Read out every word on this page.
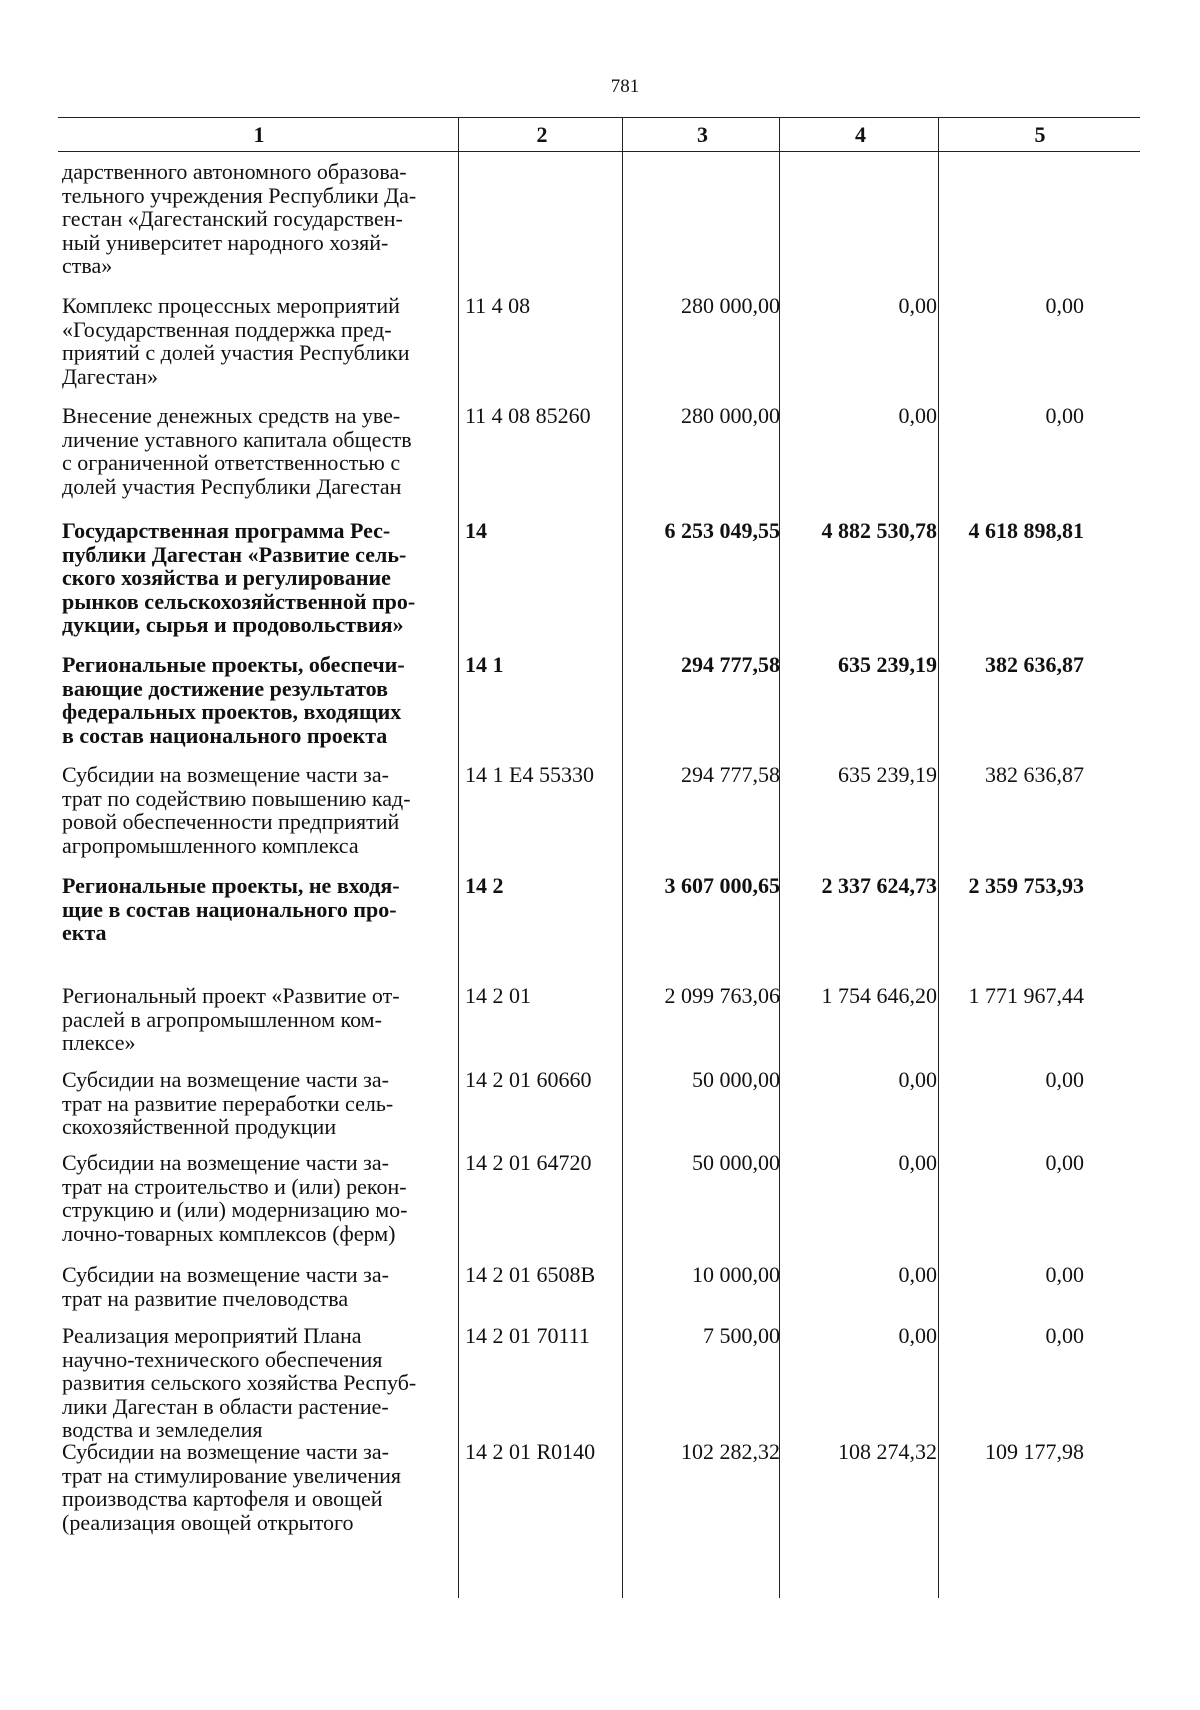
781
1	2	3	4	5
дарственного автономного образова-
тельного учреждения Республики Да-
гестан «Дагестанский государствен-
ный университет народного хозяй-
ства»
Комплекс процессных мероприятий
«Государственная поддержка пред-
приятий с долей участия Республики
Дагестан»
11 4 08	280 000,00	0,00	0,00
Внесение денежных средств на уве-
личение уставного капитала обществ
с ограниченной ответственностью с
долей участия Республики Дагестан
11 4 08 85260	280 000,00	0,00	0,00
Государственная программа Рес-
публики Дагестан «Развитие сель-
ского хозяйства и регулирование
рынков сельскохозяйственной про-
дукции, сырья и продовольствия»
14	6 253 049,55	4 882 530,78	4 618 898,81
Региональные проекты, обеспечи-
вающие достижение результатов
федеральных проектов, входящих
в состав национального проекта
14 1	294 777,58	635 239,19	382 636,87
Субсидии на возмещение части за-
трат по содействию повышению кад-
ровой обеспеченности предприятий
агропромышленного комплекса
14 1 E4 55330	294 777,58	635 239,19	382 636,87
Региональные проекты, не входя-
щие в состав национального про-
екта
14 2	3 607 000,65	2 337 624,73	2 359 753,93
Региональный проект «Развитие от-
раслей в агропромышленном ком-
плексе»
14 2 01	2 099 763,06	1 754 646,20	1 771 967,44
Субсидии на возмещение части за-
трат на развитие переработки сель-
скохозяйственной продукции
14 2 01 60660	50 000,00	0,00	0,00
Субсидии на возмещение части за-
трат на строительство и (или) рекон-
струкцию и (или) модернизацию мо-
лочно-товарных комплексов (ферм)
14 2 01 64720	50 000,00	0,00	0,00
Субсидии на возмещение части за-
трат на развитие пчеловодства
14 2 01 6508В	10 000,00	0,00	0,00
Реализация мероприятий Плана
научно-технического обеспечения
развития сельского хозяйства Респуб-
лики Дагестан в области растение-
водства и земледелия
14 2 01 70111	7 500,00	0,00	0,00
Субсидии на возмещение части за-
трат на стимулирование увеличения
производства картофеля и овощей
(реализация овощей открытого
14 2 01 R0140	102 282,32	108 274,32	109 177,98
